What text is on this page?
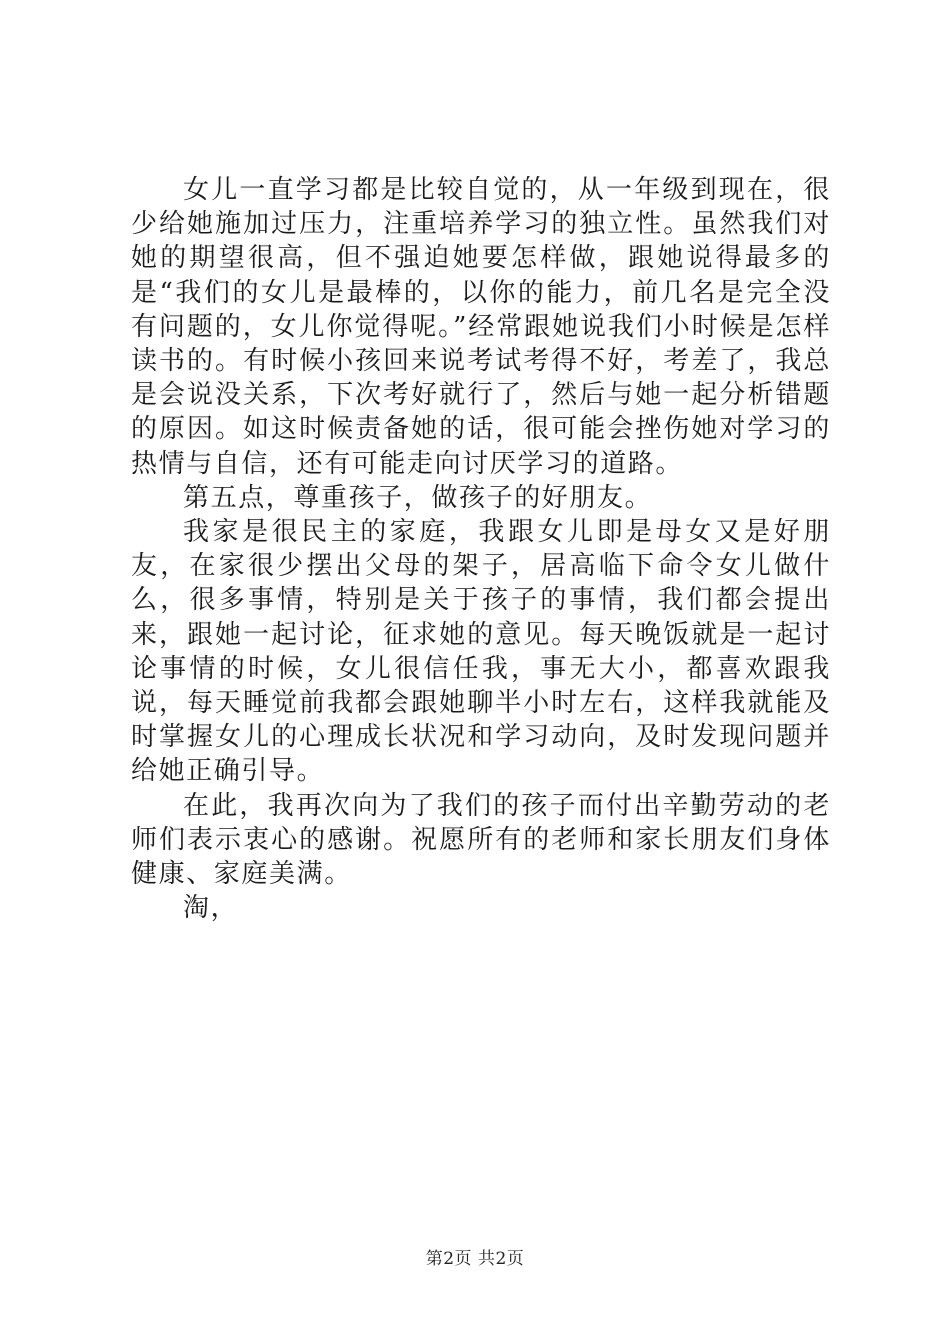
女儿一直学习都是比较自觉的，从一年级到现在，很少给她施加过压力，注重培养学习的独立性。虽然我们对她的期望很高，但不强迫她要怎样做，跟她说得最多的是“我们的女儿是最棒的，以你的能力，前几名是完全没有问题的，女儿你觉得呢。”经常跟她说我们小时候是怎样读书的。有时候小孩回来说考试考得不好，考差了，我总是会说没关系，下次考好就行了，然后与她一起分析错题的原因。如这时候责备她的话，很可能会挫伤她对学习的热情与自信，还有可能走向讨厌学习的道路。

第五点，尊重孩子，做孩子的好朋友。

我家是很民主的家庭，我跟女儿即是母女又是好朋友，在家很少摆出父母的架子，居高临下命令女儿做什么，很多事情，特别是关于孩子的事情，我们都会提出来，跟她一起讨论，征求她的意见。每天晚饭就是一起讨论事情的时候，女儿很信任我，事无大小，都喜欢跟我说，每天睡觉前我都会跟她聊半小时左右，这样我就能及时掌握女儿的心理成长状况和学习动向，及时发现问题并给她正确引导。

在此，我再次向为了我们的孩子而付出辛勤劳动的老师们表示衷心的感谢。祝愿所有的老师和家长朋友们身体健康、家庭美满。

淘，

第2页 共2页
